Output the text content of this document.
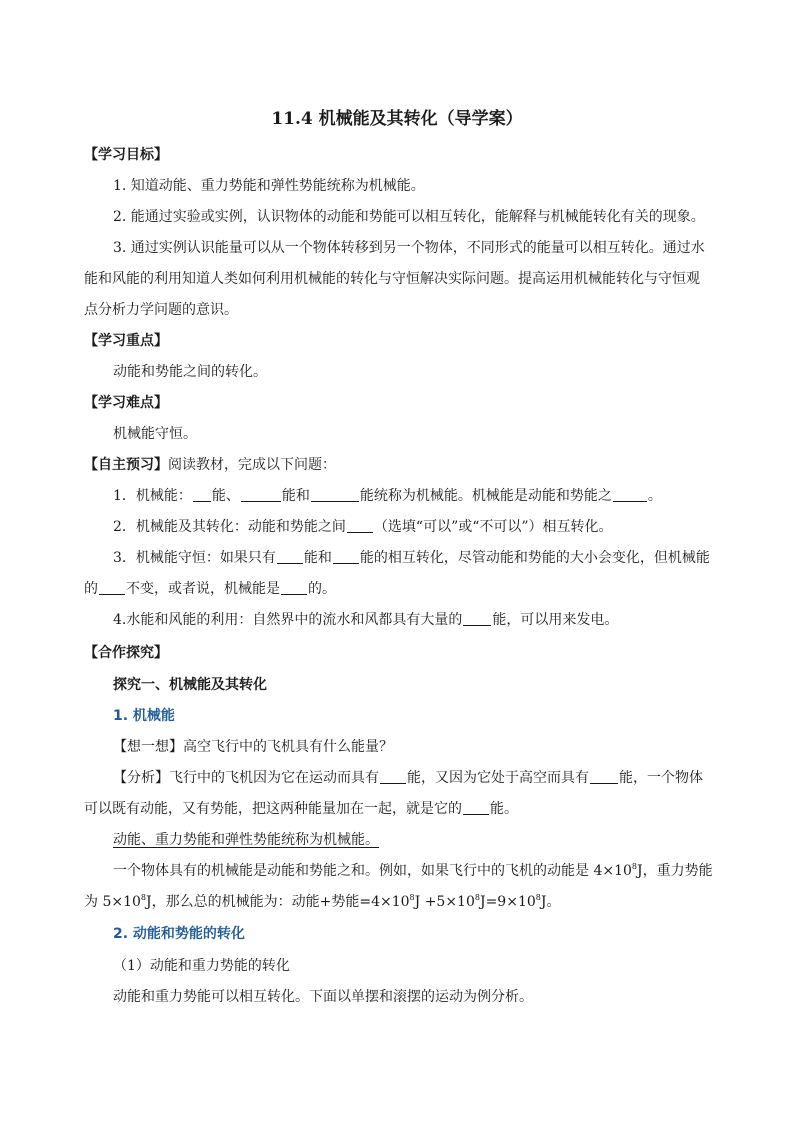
11.4 机械能及其转化（导学案）
【学习目标】
1. 知道动能、重力势能和弹性势能统称为机械能。
2. 能通过实验或实例，认识物体的动能和势能可以相互转化，能解释与机械能转化有关的现象。
3. 通过实例认识能量可以从一个物体转移到另一个物体，不同形式的能量可以相互转化。通过水
能和风能的利用知道人类如何利用机械能的转化与守恒解决实际问题。提高运用机械能转化与守恒观
点分析力学问题的意识。
【学习重点】
动能和势能之间的转化。
【学习难点】
机械能守恒。
【自主预习】阅读教材，完成以下问题：
1．机械能： 能、	能和	能统称为机械能。机械能是动能和势能之	。
2．机械能及其转化：动能和势能之间 （选填“可以”或“不可以”）相互转化。
3．机械能守恒：如果只有 能和 能的相互转化，尽管动能和势能的大小会变化，但机械能
的 不变，或者说，机械能是 的。
4.水能和风能的利用：自然界中的流水和风都具有大量的 能，可以用来发电。
【合作探究】
探究一、机械能及其转化
1. 机械能
【想一想】高空飞行中的飞机具有什么能量？
【分析】飞行中的飞机因为它在运动而具有 能，又因为它处于高空而具有 能，一个物体
可以既有动能，又有势能，把这两种能量加在一起，就是它的 能。
动能、重力势能和弹性势能统称为机械能。
一个物体具有的机械能是动能和势能之和。例如，如果飞行中的飞机的动能是 $4\times 10^8J$，重力势能
为 $5\times 10^8J$，那么总的机械能为：动能+势能$=4\times 10^8J +5\times 10^8J=9\times 10^8J$。
2. 动能和势能的转化
（1）动能和重力势能的转化
动能和重力势能可以相互转化。下面以单摆和滚摆的运动为例分析。
